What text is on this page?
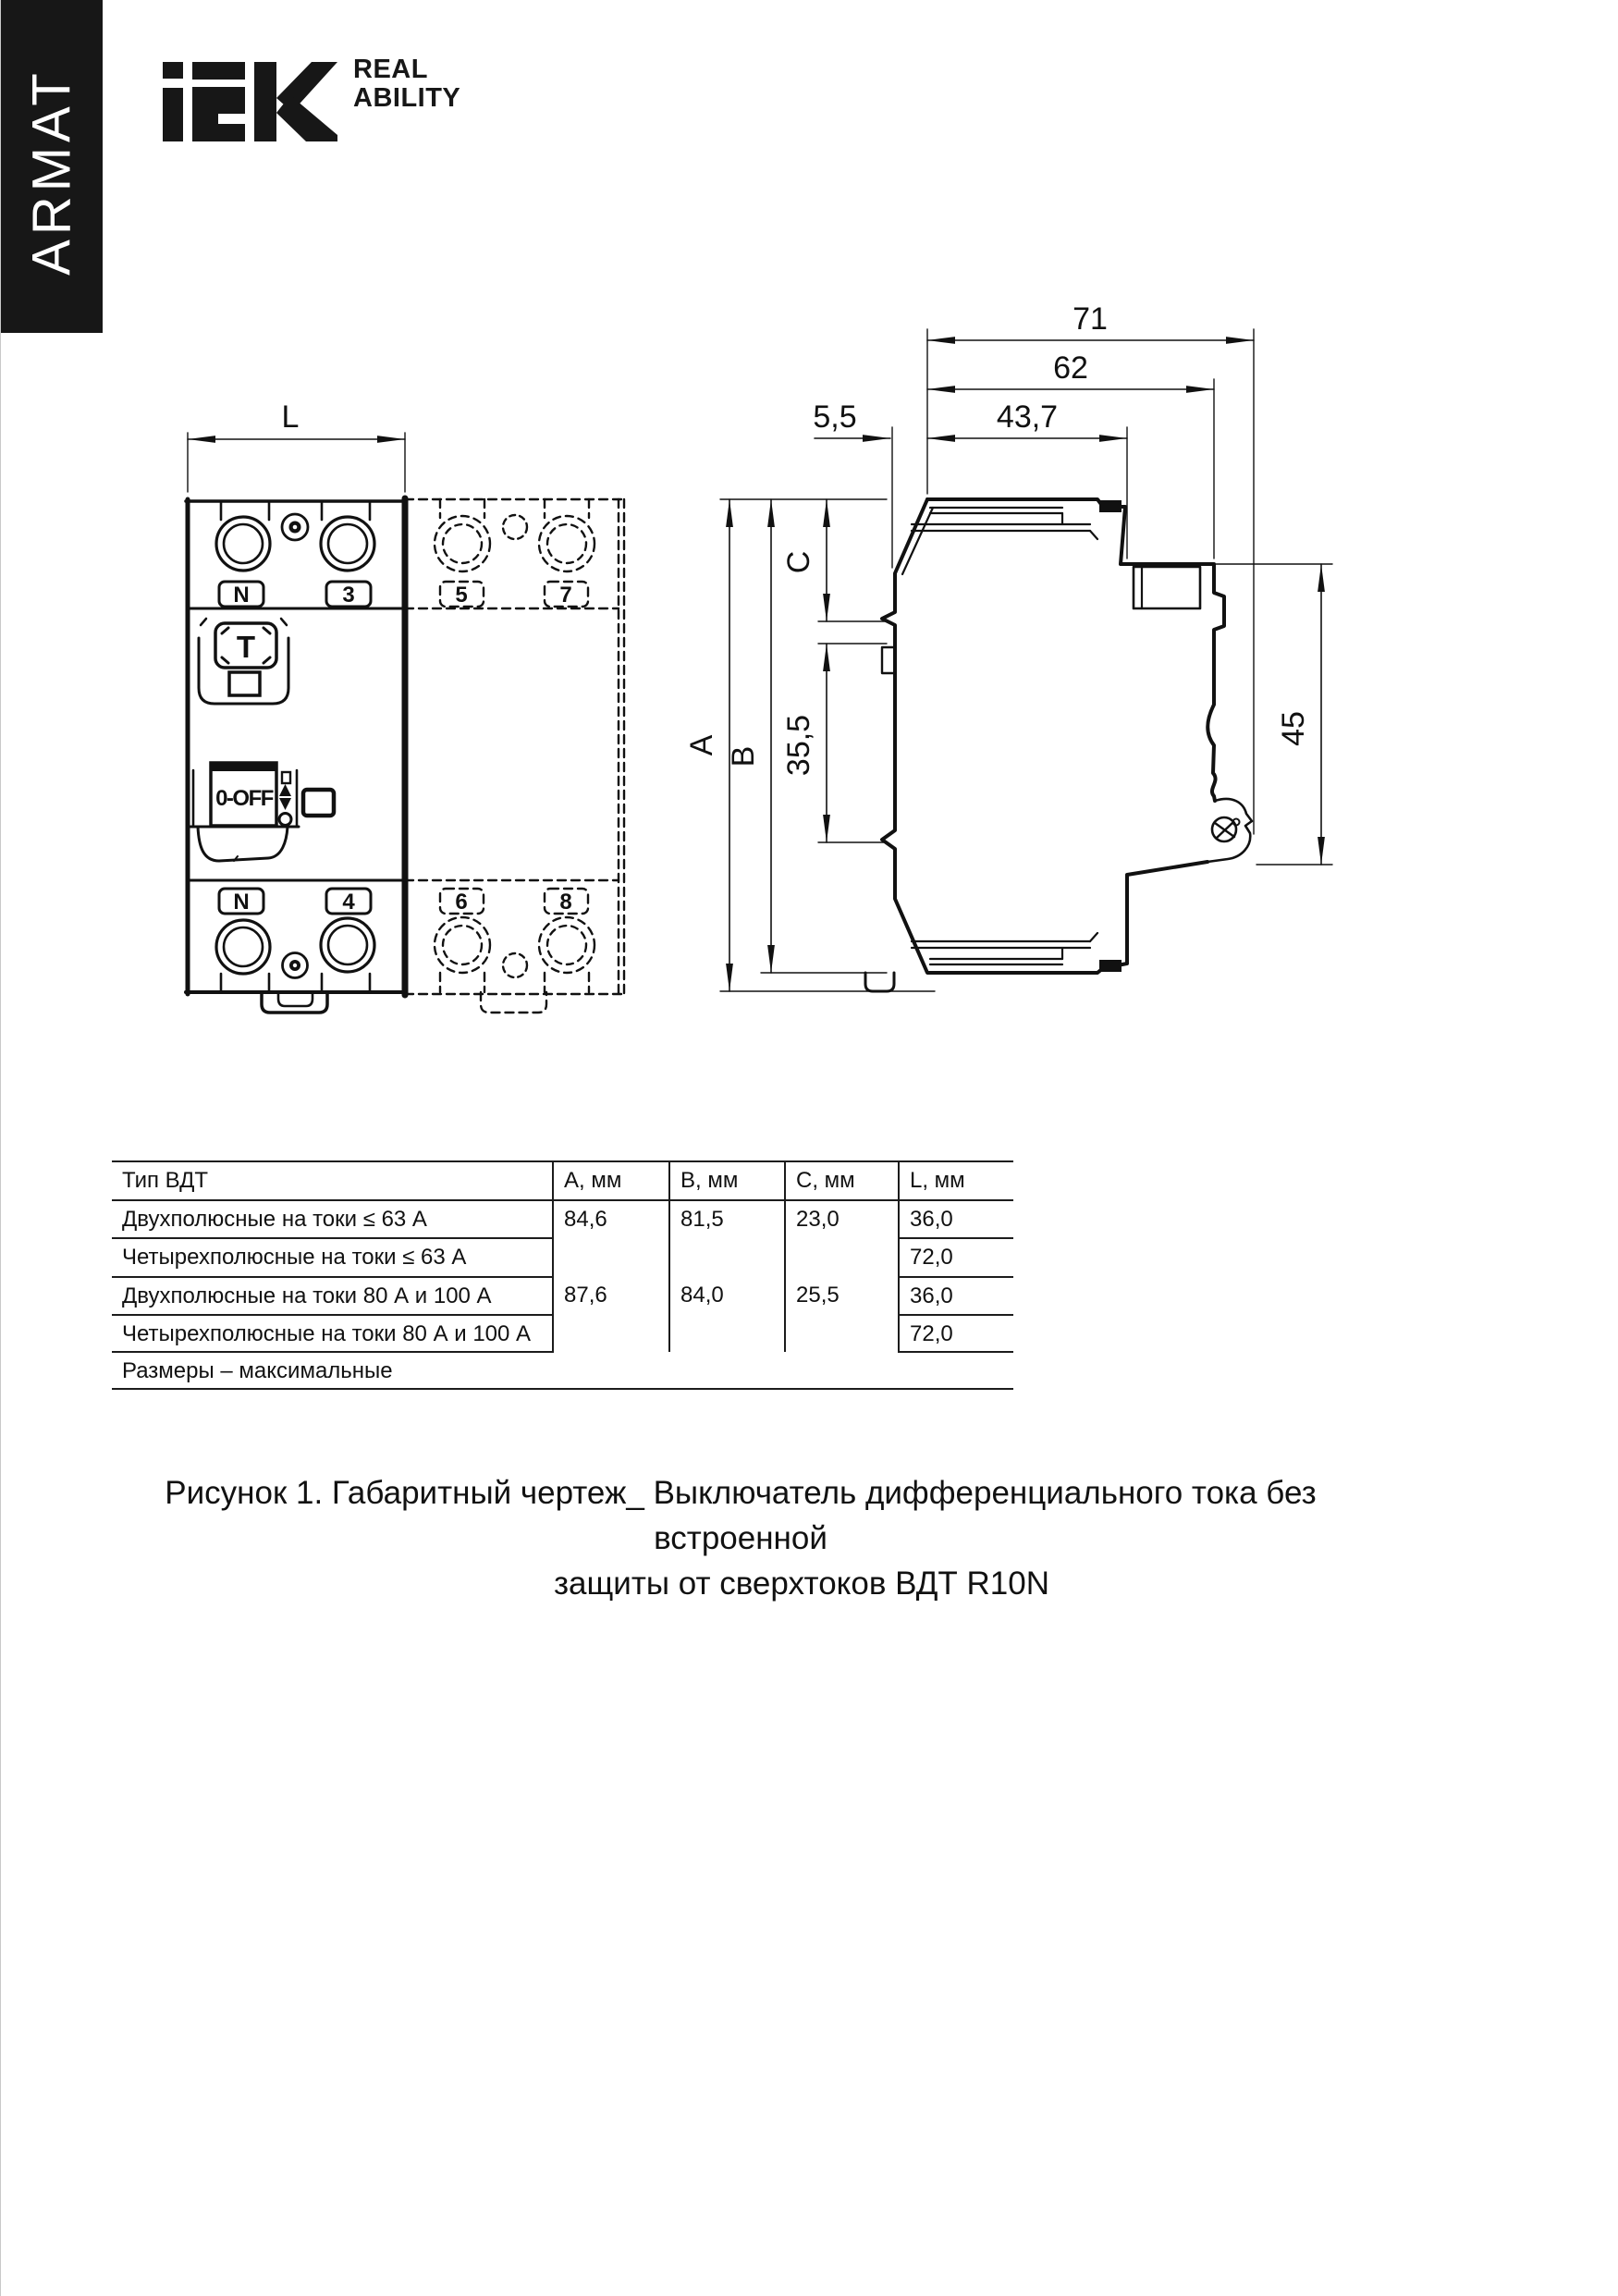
ARMAT	REAL
ABILITY
N	3
T
0-OFF
N	4
5	7
6	8
L
71
62
43,7
5,5
A
B
C
35,5	45
Тип ВДТ	A, мм	B, мм	C, мм	L, мм
Двухполюсные на токи ≤ 63 А	84,6	81,5	23,0	36,0
Четырехполюсные на токи ≤ 63 А				72,0
Двухполюсные на токи 80 А и 100 А	87,6	84,0	25,5	36,0
Четырехполюсные на токи 80 А и 100 А				72,0
Размеры – максимальные				
Рисунок 1. Габаритный чертеж_ Выключатель дифференциального тока без встроенной
защиты от сверхтоков ВДТ R10N
